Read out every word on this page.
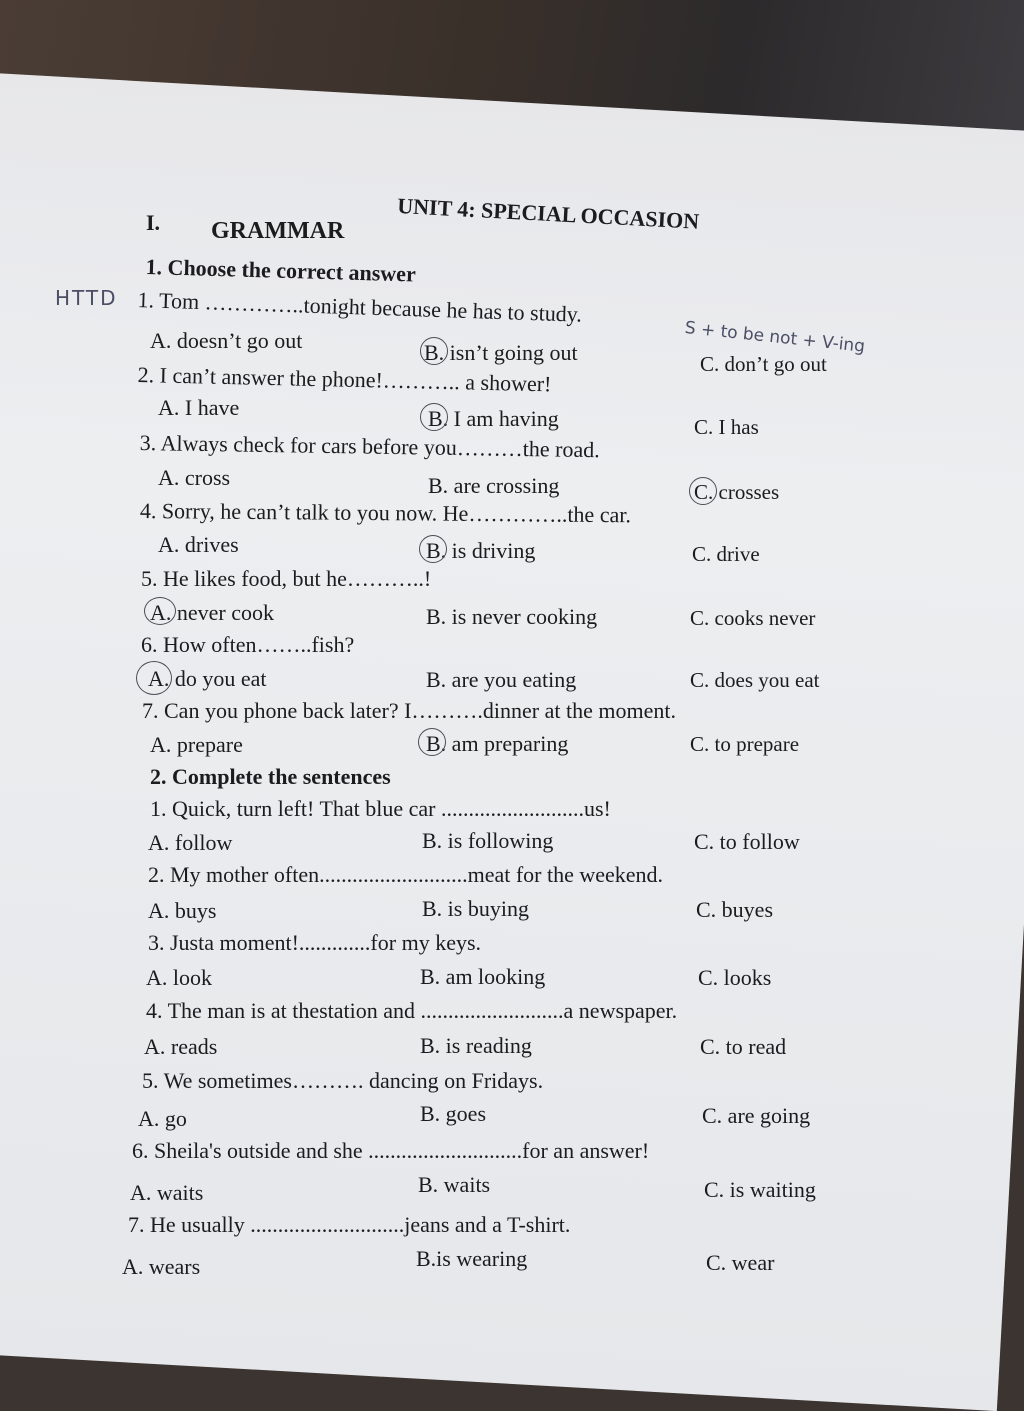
UNIT 4: SPECIAL OCCASION
I. GRAMMAR
1. Choose the correct answer
HTTD
S + to be not + V-ing
1. Tom …………..tonight because he has to study.
A. doesn’t go out	B. isn’t going out	C. don’t go out
2. I can’t answer the phone!……….. a shower!
A. I have	B. I am having	C. I has
3. Always check for cars before you………the road.
A. cross	B. are crossing	C. crosses
4. Sorry, he can’t talk to you now. He…………..the car.
A. drives	B. is driving	C. drive
5. He likes food, but he………..!
A. never cook	B. is never cooking	C. cooks never
6. How often……..fish?
A. do you eat	B. are you eating	C. does you eat
7. Can you phone back later? I……….dinner at the moment.
A. prepare	B. am preparing	C. to prepare
2. Complete the sentences
1. Quick, turn left! That blue car ..........................us!
A. follow	B. is following	C. to follow
2. My mother often...........................meat for the weekend.
A. buys	B. is buying	C. buyes
3. Justa moment!.............for my keys.
A. look	B. am looking	C. looks
4. The man is at thestation and ..........................a newspaper.
A. reads	B. is reading	C. to read
5. We sometimes………. dancing on Fridays.
A. go	B. goes	C. are going
6. Sheila's outside and she ............................for an answer!
A. waits	B. waits	C. is waiting
7. He usually ............................jeans and a T-shirt.
A. wears	B.is wearing	C. wear
